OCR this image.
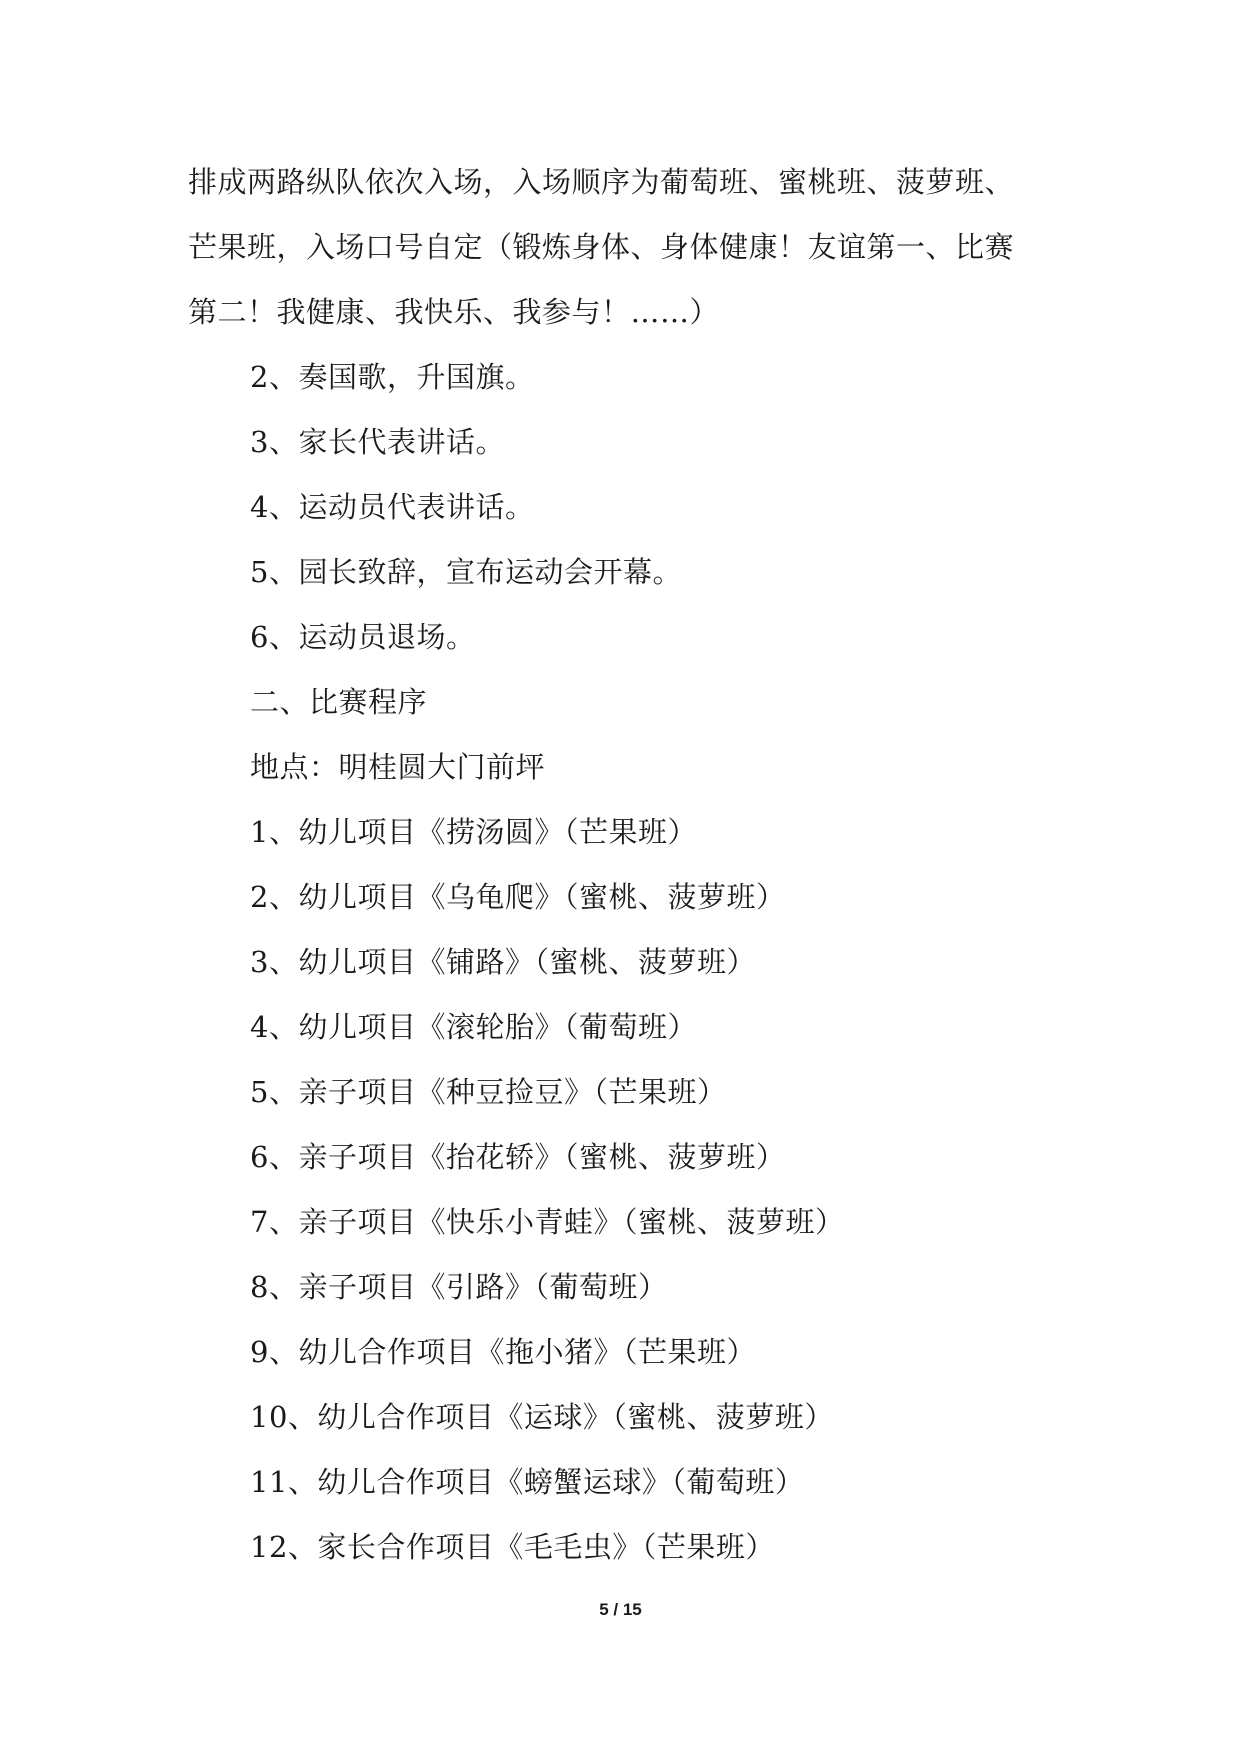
排成两路纵队依次入场，入场顺序为葡萄班、蜜桃班、菠萝班、
芒果班，入场口号自定（锻炼身体、身体健康！友谊第一、比赛
第二！我健康、我快乐、我参与！……）
2、奏国歌，升国旗。
3、家长代表讲话。
4、运动员代表讲话。
5、园长致辞，宣布运动会开幕。
6、运动员退场。
二、比赛程序
地点：明桂圆大门前坪
1、幼儿项目《捞汤圆》（芒果班）
2、幼儿项目《乌龟爬》（蜜桃、菠萝班）
3、幼儿项目《铺路》（蜜桃、菠萝班）
4、幼儿项目《滚轮胎》（葡萄班）
5、亲子项目《种豆捡豆》（芒果班）
6、亲子项目《抬花轿》（蜜桃、菠萝班）
7、亲子项目《快乐小青蛙》（蜜桃、菠萝班）
8、亲子项目《引路》（葡萄班）
9、幼儿合作项目《拖小猪》（芒果班）
10、幼儿合作项目《运球》（蜜桃、菠萝班）
11、幼儿合作项目《螃蟹运球》（葡萄班）
12、家长合作项目《毛毛虫》（芒果班）
5 / 15
